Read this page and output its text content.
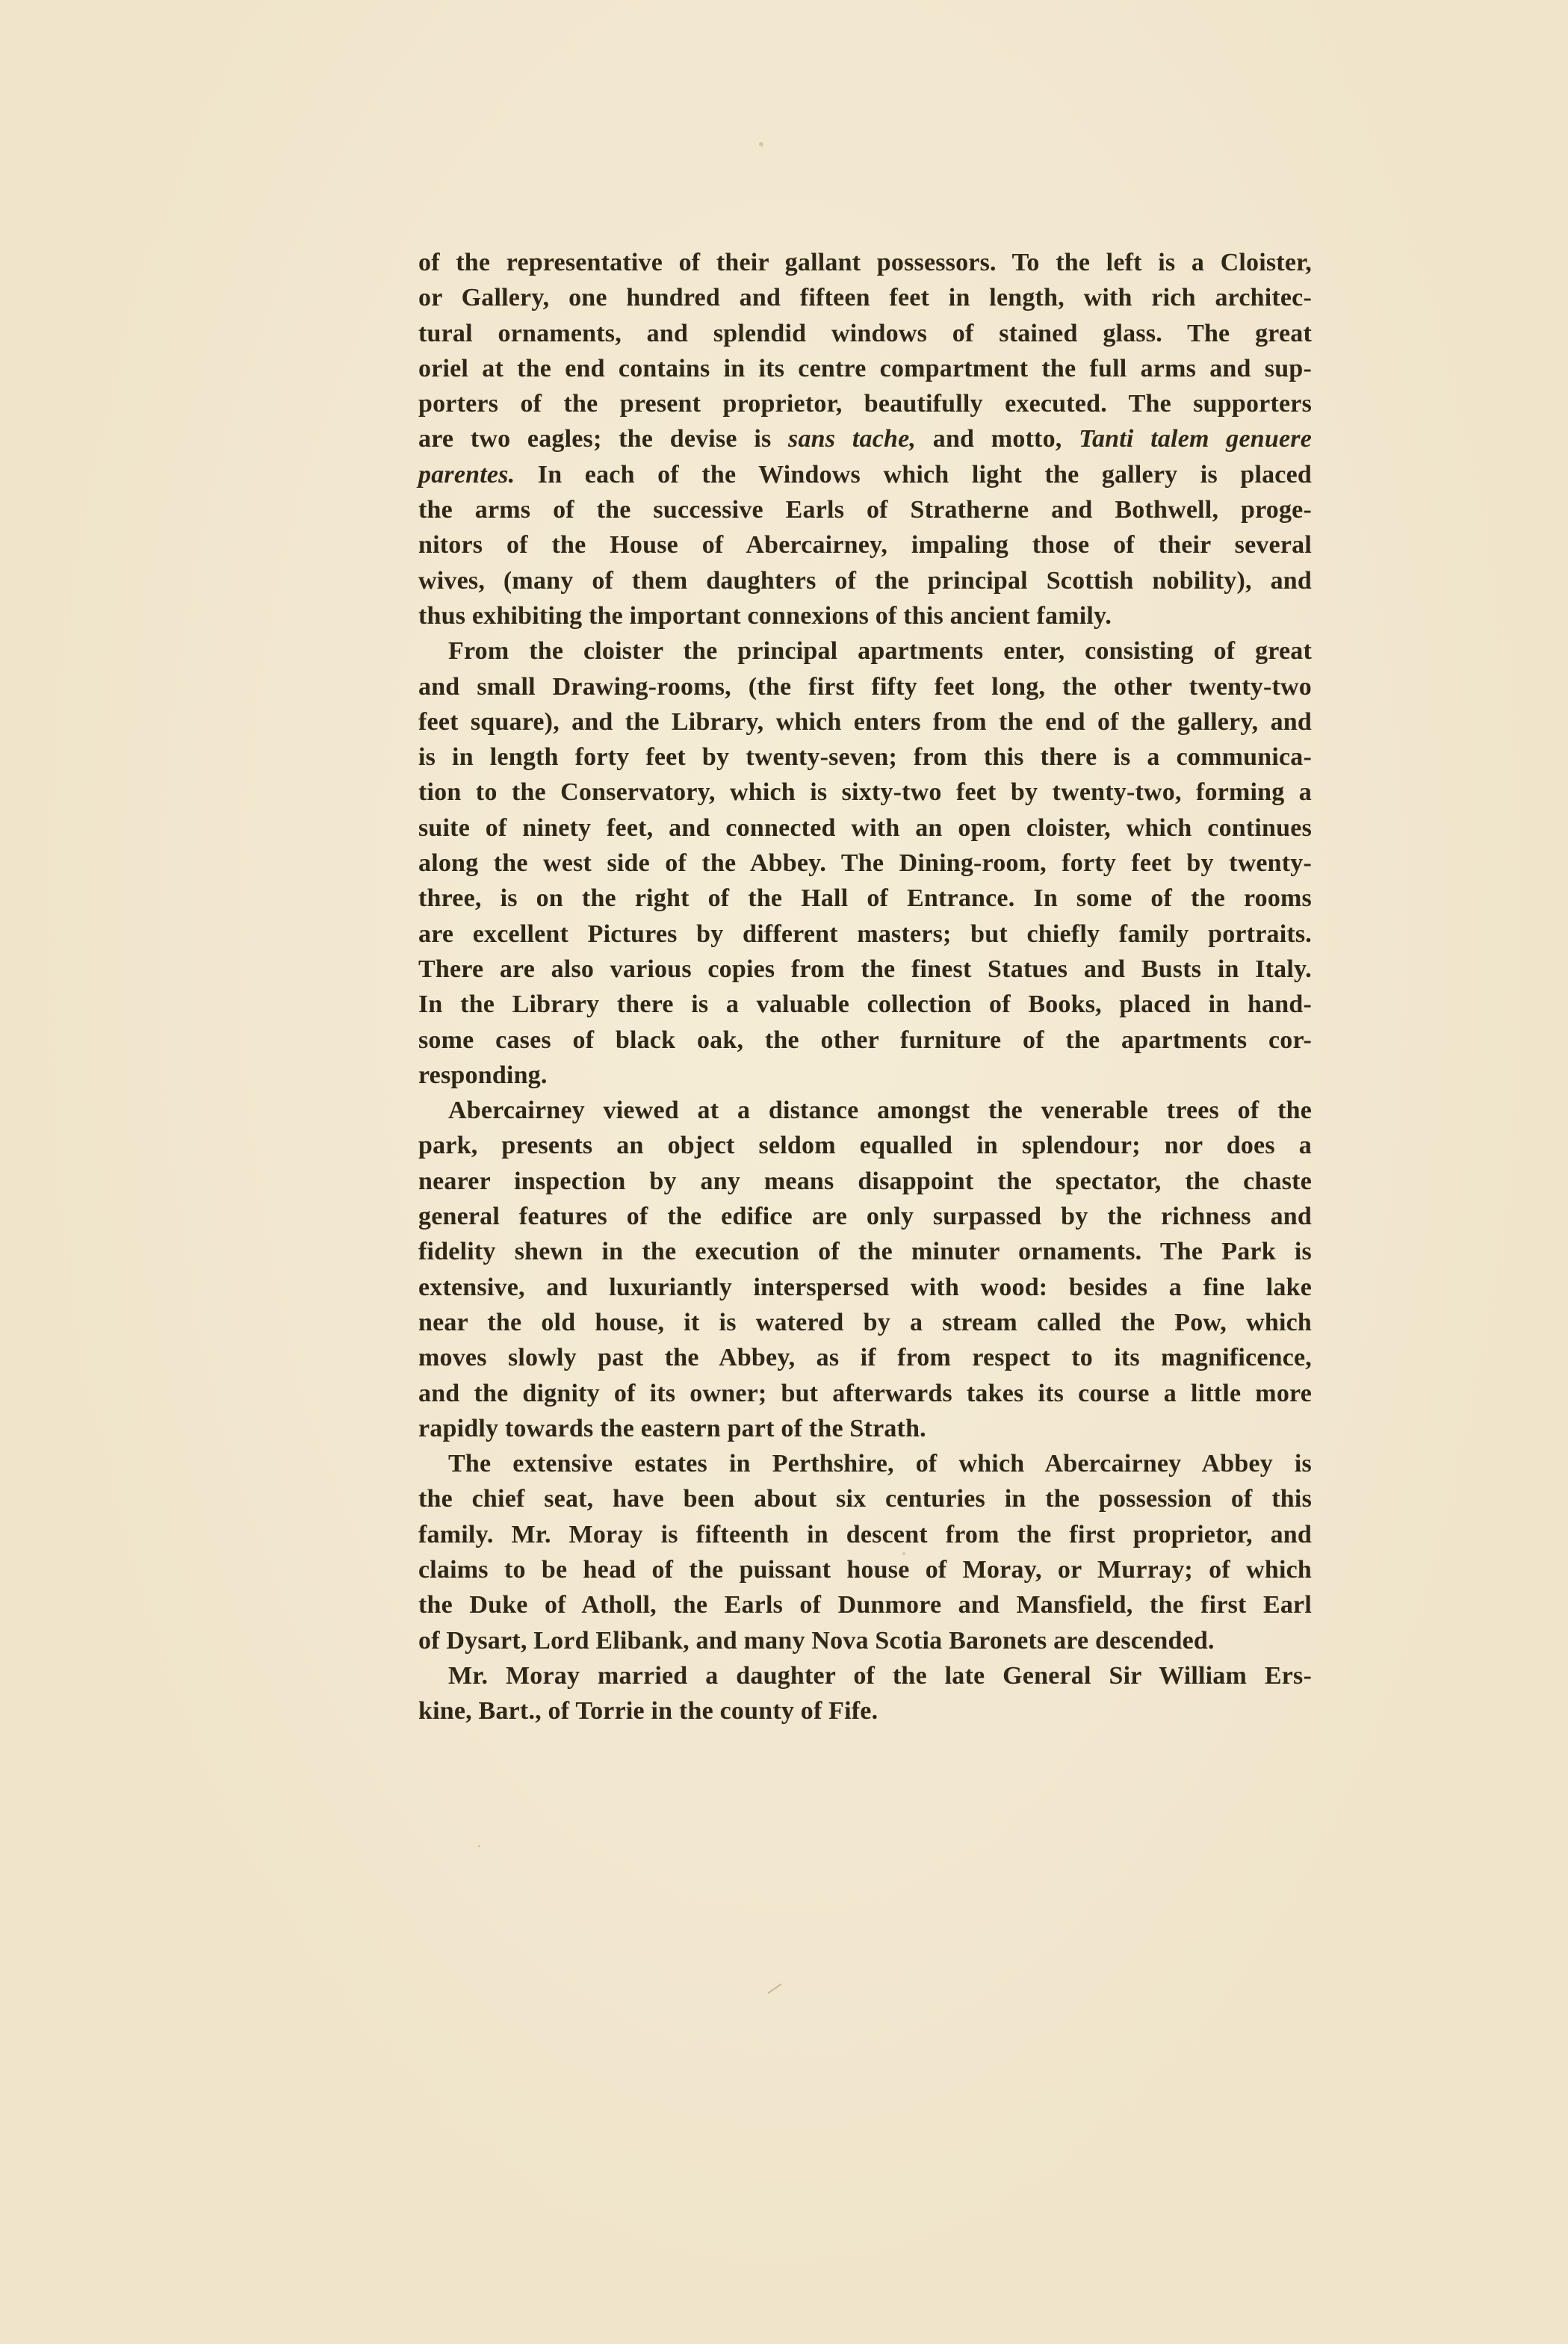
of the representative of their gallant possessors. To the left is a Cloister,
or Gallery, one hundred and fifteen feet in length, with rich architec-
tural ornaments, and splendid windows of stained glass. The great
oriel at the end contains in its centre compartment the full arms and sup-
porters of the present proprietor, beautifully executed. The supporters
are two eagles; the devise is sans tache, and motto, Tanti talem genuere
parentes. In each of the Windows which light the gallery is placed
the arms of the successive Earls of Stratherne and Bothwell, proge-
nitors of the House of Abercairney, impaling those of their several
wives, (many of them daughters of the principal Scottish nobility), and
thus exhibiting the important connexions of this ancient family.
From the cloister the principal apartments enter, consisting of great
and small Drawing-rooms, (the first fifty feet long, the other twenty-two
feet square), and the Library, which enters from the end of the gallery, and
is in length forty feet by twenty-seven; from this there is a communica-
tion to the Conservatory, which is sixty-two feet by twenty-two, forming a
suite of ninety feet, and connected with an open cloister, which continues
along the west side of the Abbey. The Dining-room, forty feet by twenty-
three, is on the right of the Hall of Entrance. In some of the rooms
are excellent Pictures by different masters; but chiefly family portraits.
There are also various copies from the finest Statues and Busts in Italy.
In the Library there is a valuable collection of Books, placed in hand-
some cases of black oak, the other furniture of the apartments cor-
responding.
Abercairney viewed at a distance amongst the venerable trees of the
park, presents an object seldom equalled in splendour; nor does a
nearer inspection by any means disappoint the spectator, the chaste
general features of the edifice are only surpassed by the richness and
fidelity shewn in the execution of the minuter ornaments. The Park is
extensive, and luxuriantly interspersed with wood: besides a fine lake
near the old house, it is watered by a stream called the Pow, which
moves slowly past the Abbey, as if from respect to its magnificence,
and the dignity of its owner; but afterwards takes its course a little more
rapidly towards the eastern part of the Strath.
The extensive estates in Perthshire, of which Abercairney Abbey is
the chief seat, have been about six centuries in the possession of this
family. Mr. Moray is fifteenth in descent from the first proprietor, and
claims to be head of the puissant house of Moray, or Murray; of which
the Duke of Atholl, the Earls of Dunmore and Mansfield, the first Earl
of Dysart, Lord Elibank, and many Nova Scotia Baronets are descended.
Mr. Moray married a daughter of the late General Sir William Ers-
kine, Bart., of Torrie in the county of Fife.
